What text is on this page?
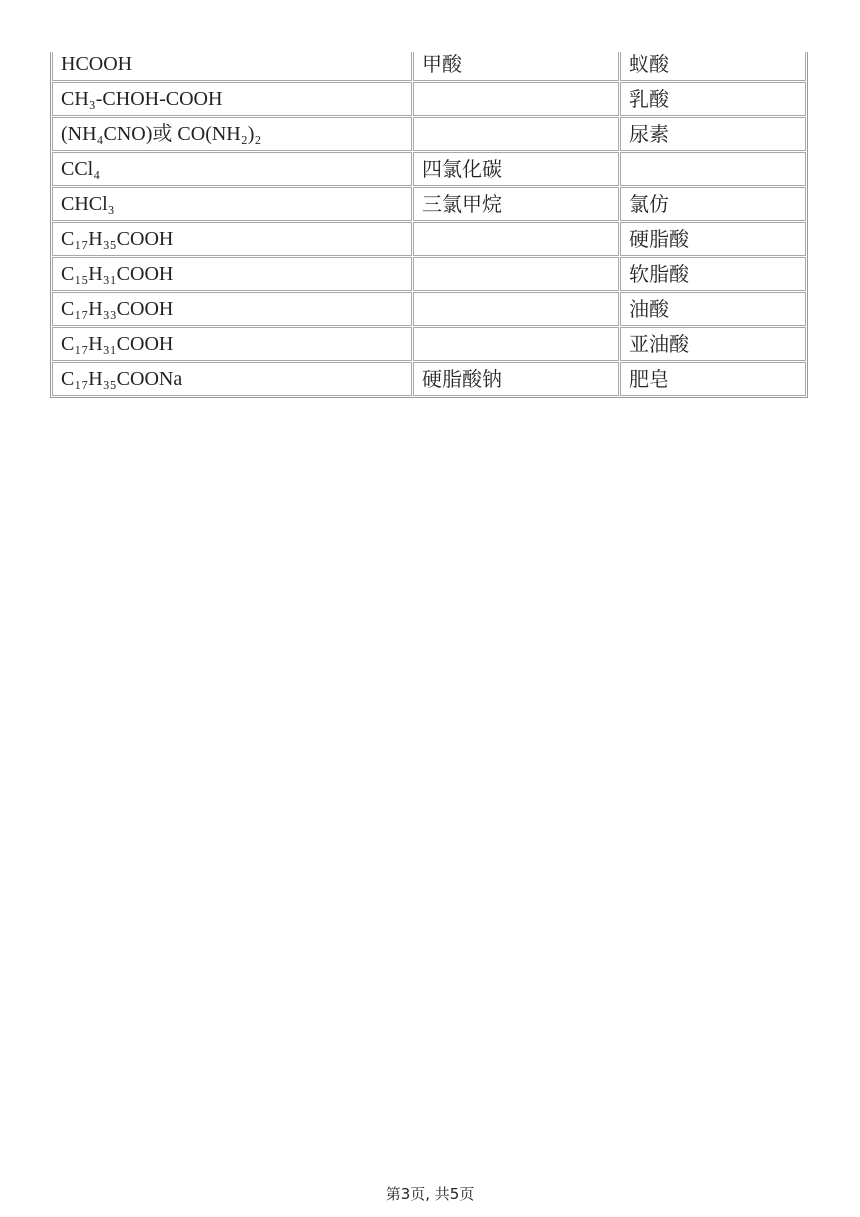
HCOOH	甲酸	蚁酸
CH₃-CHOH-COOH		乳酸
(NH₄CNO)或 CO(NH₂)₂		尿素
CCl₄	四氯化碳	
CHCl₃	三氯甲烷	氯仿
C₁₇H₃₅COOH		硬脂酸
C₁₅H₃₁COOH		软脂酸
C₁₇H₃₃COOH		油酸
C₁₇H₃₁COOH		亚油酸
C₁₇H₃₅COONa	硬脂酸钠	肥皂
第3页, 共5页
